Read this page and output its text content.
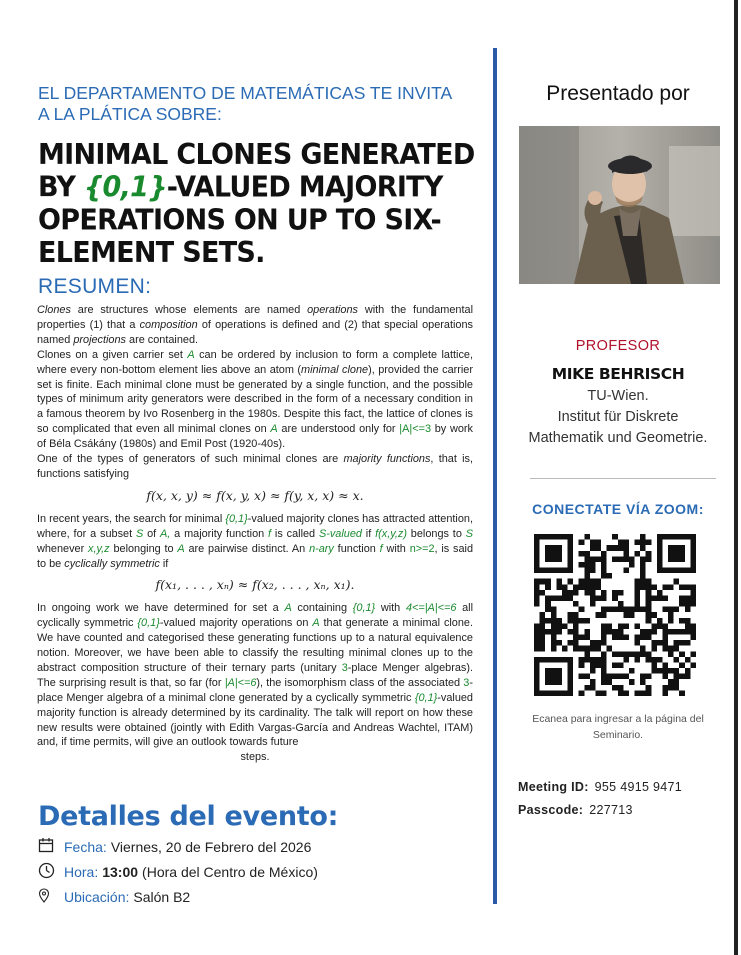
EL DEPARTAMENTO DE MATEMÁTICAS TE INVITA A LA PLÁTICA SOBRE:
MINIMAL CLONES GENERATED BY {0,1}-VALUED MAJORITY OPERATIONS ON UP TO SIX-ELEMENT SETS.
RESUMEN:

Clones are structures whose elements are named operations with the fundamental properties (1) that a composition of operations is defined and (2) that special operations named projections are contained.

Clones on a given carrier set A can be ordered by inclusion to form a complete lattice, where every non-bottom element lies above an atom (minimal clone), provided the carrier set is finite. Each minimal clone must be generated by a single function, and the possible types of minimum arity generators were described in the form of a necessary condition in a famous theorem by Ivo Rosenberg in the 1980s. Despite this fact, the lattice of clones is so complicated that even all minimal clones on A are understood only for |A|<=3 by work of Béla Csákány (1980s) and Emil Post (1920-40s).

One of the types of generators of such minimal clones are majority functions, that is, functions satisfying

f(x, x, y) ≈ f(x, y, x) ≈ f(y, x, x) ≈ x.

In recent years, the search for minimal {0,1}-valued majority clones has attracted attention, where, for a subset S of A, a majority function f is called S-valued if f(x,y,z) belongs to S whenever x,y,z belonging to A are pairwise distinct. An n-ary function f with n>=2, is said to be cyclically symmetric if

f(x₁, . . . , xₙ) ≈ f(x₂, . . . , xₙ, x₁).

In ongoing work we have determined for set a A containing {0,1} with 4<=|A|<=6 all cyclically symmetric {0,1}-valued majority operations on A that generate a minimal clone. We have counted and categorised these generating functions up to a natural equivalence notion. Moreover, we have been able to classify the resulting minimal clones up to the abstract composition structure of their ternary parts (unitary 3-place Menger algebras). The surprising result is that, so far (for |A|<=6), the isomorphism class of the associated 3-place Menger algebra of a minimal clone generated by a cyclically symmetric {0,1}-valued majority function is already determined by its cardinality. The talk will report on how these new results were obtained (jointly with Edith Vargas-García and Andreas Wachtel, ITAM) and, if time permits, will give an outlook towards future

steps.

Detalles del evento:
Fecha: Viernes, 20 de Febrero del 2026
Hora: 13:00 (Hora del Centro de México)
Ubicación: Salón B2
Presentado por
PROFESOR
MIKE BEHRISCH
TU-Wien.
Institut für Diskrete
Mathematik und Geometrie.
CONECTATE VÍA ZOOM:
Ecanea para ingresar a la página del Seminario.
Meeting ID: 955 4915 9471
Passcode: 227713
